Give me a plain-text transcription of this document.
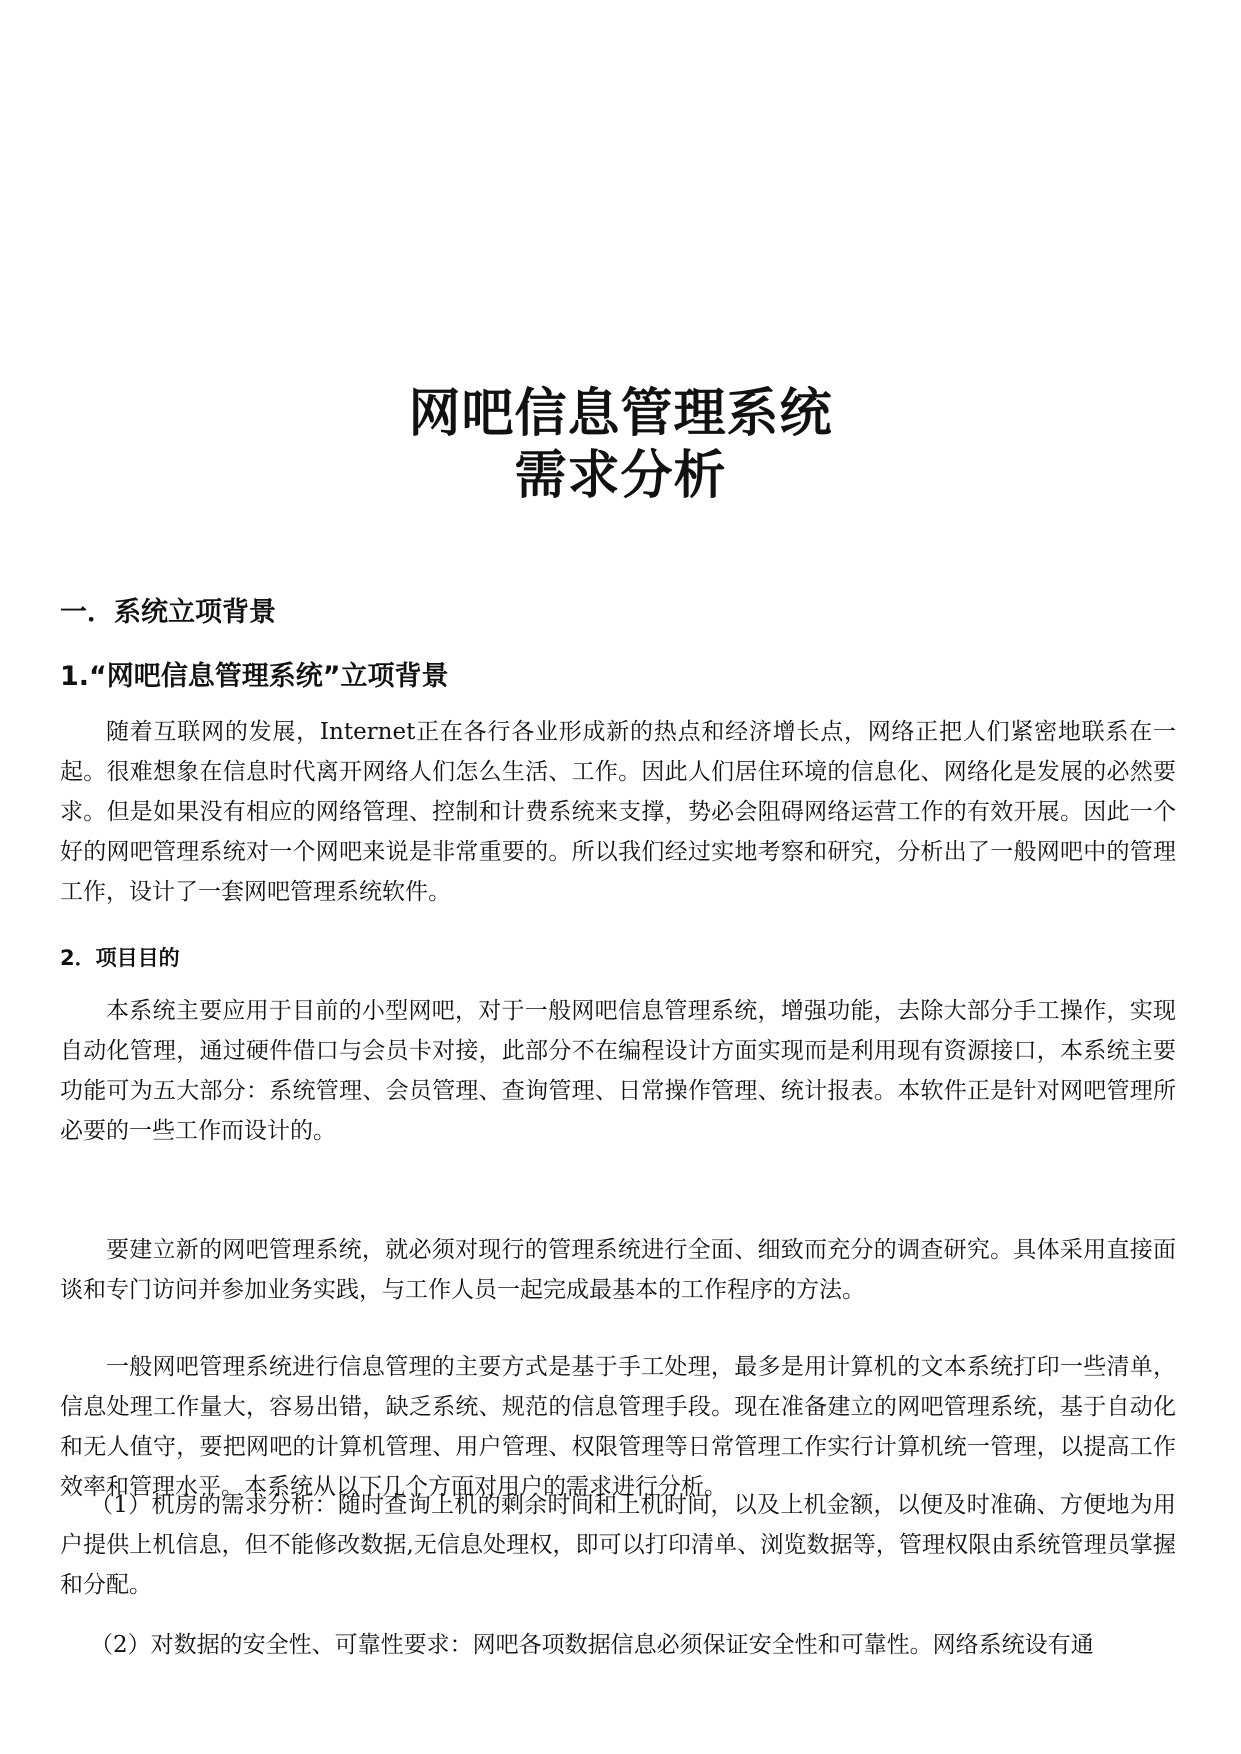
网吧信息管理系统
需求分析
一．系统立项背景
1.“网吧信息管理系统”立项背景
随着互联网的发展，Internet正在各行各业形成新的热点和经济增长点，网络正把人们紧密地联系在一起。很难想象在信息时代离开网络人们怎么生活、工作。因此人们居住环境的信息化、网络化是发展的必然要求。但是如果没有相应的网络管理、控制和计费系统来支撑，势必会阻碍网络运营工作的有效开展。因此一个好的网吧管理系统对一个网吧来说是非常重要的。所以我们经过实地考察和研究，分析出了一般网吧中的管理工作，设计了一套网吧管理系统软件。
2．项目目的
本系统主要应用于目前的小型网吧，对于一般网吧信息管理系统，增强功能，去除大部分手工操作，实现自动化管理，通过硬件借口与会员卡对接，此部分不在编程设计方面实现而是利用现有资源接口，本系统主要功能可为五大部分：系统管理、会员管理、查询管理、日常操作管理、统计报表。本软件正是针对网吧管理所必要的一些工作而设计的。
要建立新的网吧管理系统，就必须对现行的管理系统进行全面、细致而充分的调查研究。具体采用直接面谈和专门访问并参加业务实践，与工作人员一起完成最基本的工作程序的方法。
一般网吧管理系统进行信息管理的主要方式是基于手工处理，最多是用计算机的文本系统打印一些清单，信息处理工作量大，容易出错，缺乏系统、规范的信息管理手段。现在准备建立的网吧管理系统，基于自动化和无人值守，要把网吧的计算机管理、用户管理、权限管理等日常管理工作实行计算机统一管理，以提高工作效率和管理水平。本系统从以下几个方面对用户的需求进行分析。
（1）机房的需求分析：随时查询上机的剩余时间和上机时间，以及上机金额，以便及时准确、方便地为用户提供上机信息，但不能修改数据,无信息处理权，即可以打印清单、浏览数据等，管理权限由系统管理员掌握和分配。
（2）对数据的安全性、可靠性要求：网吧各项数据信息必须保证安全性和可靠性。网络系统设有通
